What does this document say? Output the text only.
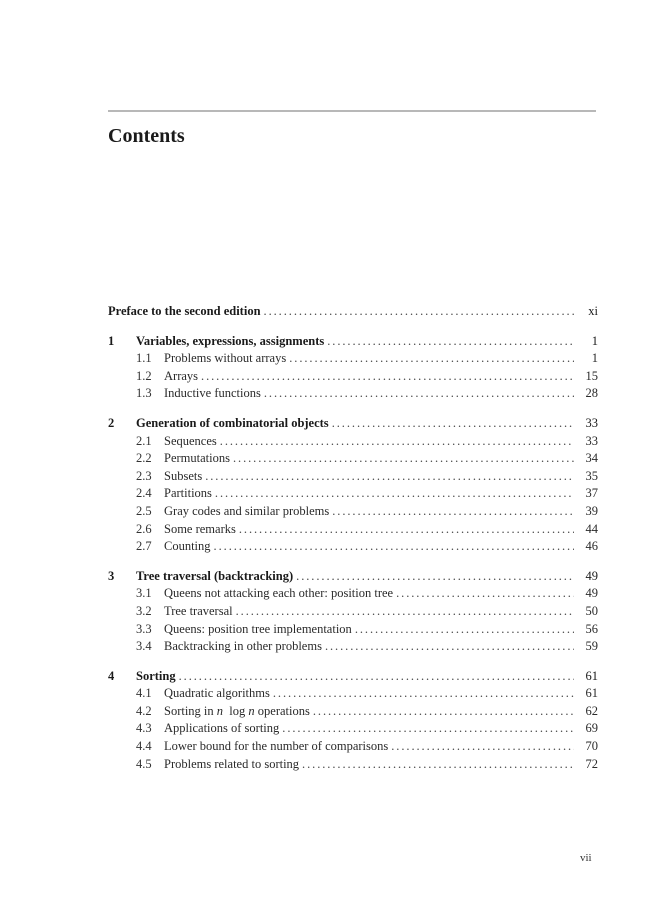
Contents
Preface to the second edition . . .	xi
1	Variables, expressions, assignments . . .	1
1.1 Problems without arrays . . .	1
1.2 Arrays . . .	15
1.3 Inductive functions . . .	28
2	Generation of combinatorial objects . . .	33
2.1 Sequences . . .	33
2.2 Permutations . . .	34
2.3 Subsets . . .	35
2.4 Partitions . . .	37
2.5 Gray codes and similar problems . . .	39
2.6 Some remarks . . .	44
2.7 Counting . . .	46
3	Tree traversal (backtracking) . . .	49
3.1 Queens not attacking each other: position tree . . .	49
3.2 Tree traversal . . .	50
3.3 Queens: position tree implementation . . .	56
3.4 Backtracking in other problems . . .	59
4	Sorting . . .	61
4.1 Quadratic algorithms . . .	61
4.2 Sorting in n  log n operations . . .	62
4.3 Applications of sorting . . .	69
4.4 Lower bound for the number of comparisons . . .	70
4.5 Problems related to sorting . . .	72
vii
